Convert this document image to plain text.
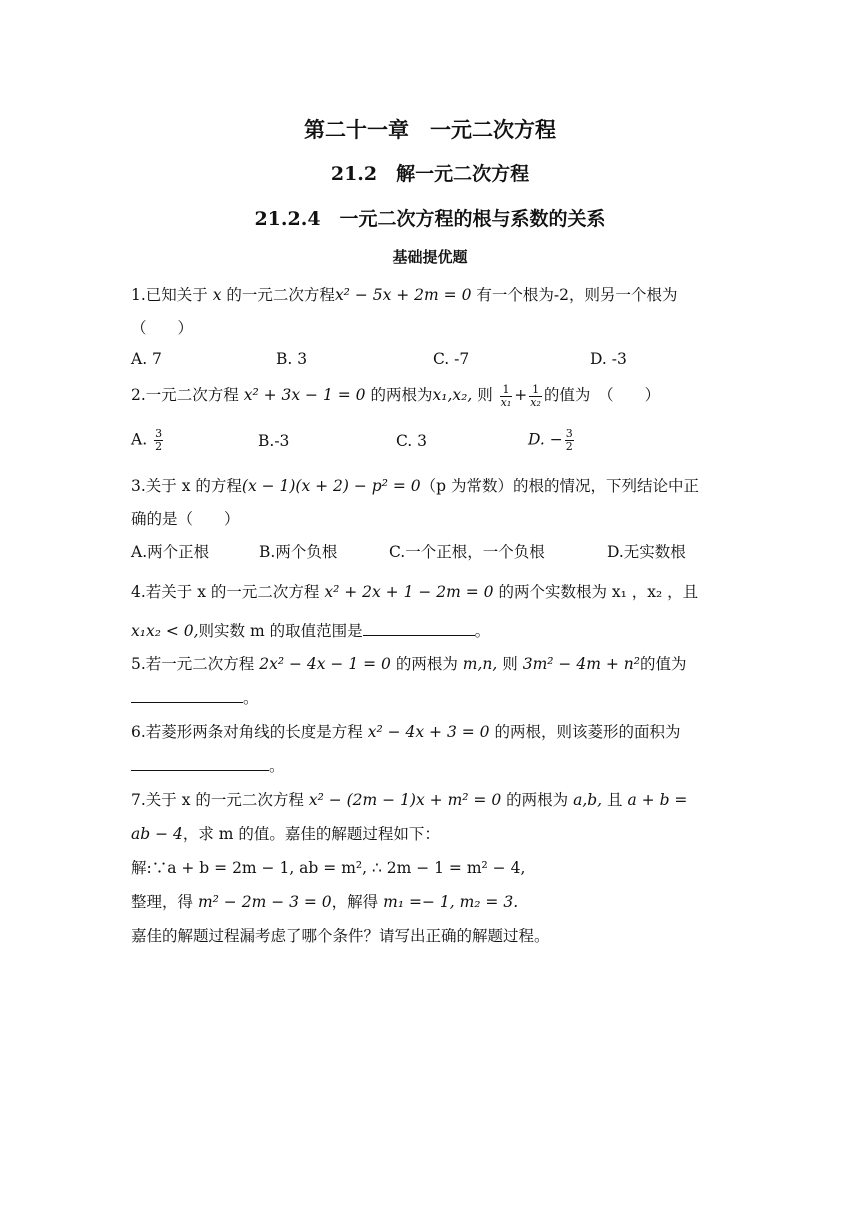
第二十一章　一元二次方程
21.2　解一元二次方程
21.2.4　一元二次方程的根与系数的关系
基础提优题
1.已知关于 x 的一元二次方程x² − 5x + 2m = 0 有一个根为-2，则另一个根为
（　　）
A. 7	B. 3	C. -7	D. -3
2.一元二次方程 x² + 3x − 1 = 0 的两根为x₁,x₂, 则 $\frac{1}{\text{x₁}} + \frac{1}{\text{x₂}}$ 的值为　（　　）
A. $\frac{3}{2}$	B.-3	C. 3	D. − $\frac{3}{2}$
3.关于 x 的方程(x − 1)(x + 2) − p² = 0（p 为常数）的根的情况，下列结论中正
确的是（　　）
A.两个正根	B.两个负根	C.一个正根，一个负根	D.无实数根
4.若关于 x 的一元二次方程 x² + 2x + 1 − 2m = 0 的两个实数根为 x₁ ，x₂ ，且
x₁x₂ < 0,则实数 m 的取值范围是	。
5.若一元二次方程 2x² − 4x − 1 = 0 的两根为 m,n, 则 3m² − 4m + n²的值为
。
6.若菱形两条对角线的长度是方程 x² − 4x + 3 = 0 的两根，则该菱形的面积为
。
7.关于 x 的一元二次方程 x² − (2m − 1)x + m² = 0 的两根为 a,b, 且 a + b =
ab − 4，求 m 的值。嘉佳的解题过程如下：
解:∵a + b = 2m − 1, ab = m², ∴ 2m − 1 = m² − 4,
整理，得 m² − 2m − 3 = 0，解得 m₁ =− 1, m₂ = 3.
嘉佳的解题过程漏考虑了哪个条件？请写出正确的解题过程。
